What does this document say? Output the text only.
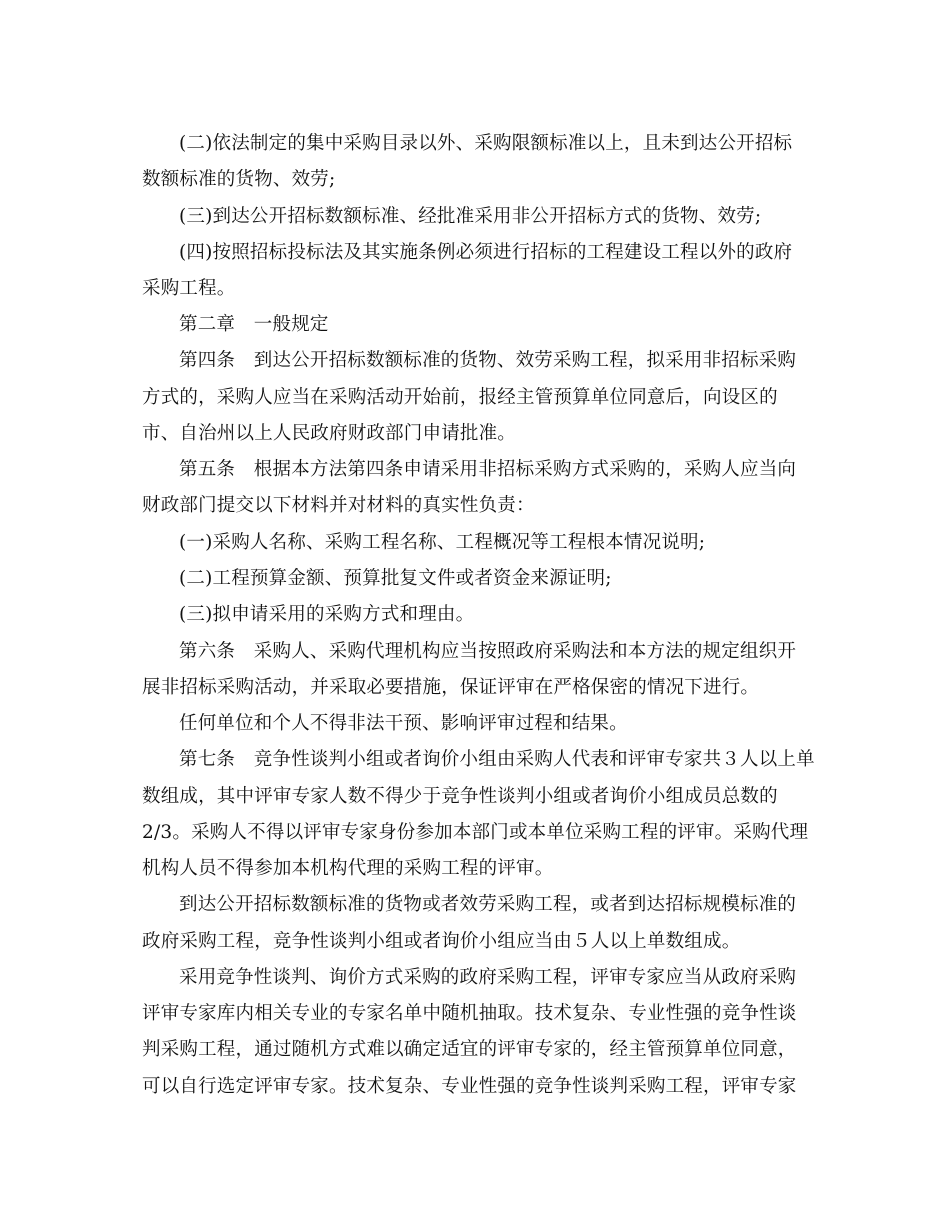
(二)依法制定的集中采购目录以外、采购限额标准以上，且未到达公开招标
数额标准的货物、效劳;
(三)到达公开招标数额标准、经批准采用非公开招标方式的货物、效劳;
(四)按照招标投标法及其实施条例必须进行招标的工程建设工程以外的政府
采购工程。
第二章　一般规定
第四条　到达公开招标数额标准的货物、效劳采购工程，拟采用非招标采购
方式的，采购人应当在采购活动开始前，报经主管预算单位同意后，向设区的
市、自治州以上人民政府财政部门申请批准。
第五条　根据本方法第四条申请采用非招标采购方式采购的，采购人应当向
财政部门提交以下材料并对材料的真实性负责：
(一)采购人名称、采购工程名称、工程概况等工程根本情况说明;
(二)工程预算金额、预算批复文件或者资金来源证明;
(三)拟申请采用的采购方式和理由。
第六条　采购人、采购代理机构应当按照政府采购法和本方法的规定组织开
展非招标采购活动，并采取必要措施，保证评审在严格保密的情况下进行。
任何单位和个人不得非法干预、影响评审过程和结果。
第七条　竞争性谈判小组或者询价小组由采购人代表和评审专家共３人以上单
数组成，其中评审专家人数不得少于竞争性谈判小组或者询价小组成员总数的
2/3。采购人不得以评审专家身份参加本部门或本单位采购工程的评审。采购代理
机构人员不得参加本机构代理的采购工程的评审。
到达公开招标数额标准的货物或者效劳采购工程，或者到达招标规模标准的
政府采购工程，竞争性谈判小组或者询价小组应当由５人以上单数组成。
采用竞争性谈判、询价方式采购的政府采购工程，评审专家应当从政府采购
评审专家库内相关专业的专家名单中随机抽取。技术复杂、专业性强的竞争性谈
判采购工程，通过随机方式难以确定适宜的评审专家的，经主管预算单位同意，
可以自行选定评审专家。技术复杂、专业性强的竞争性谈判采购工程，评审专家
